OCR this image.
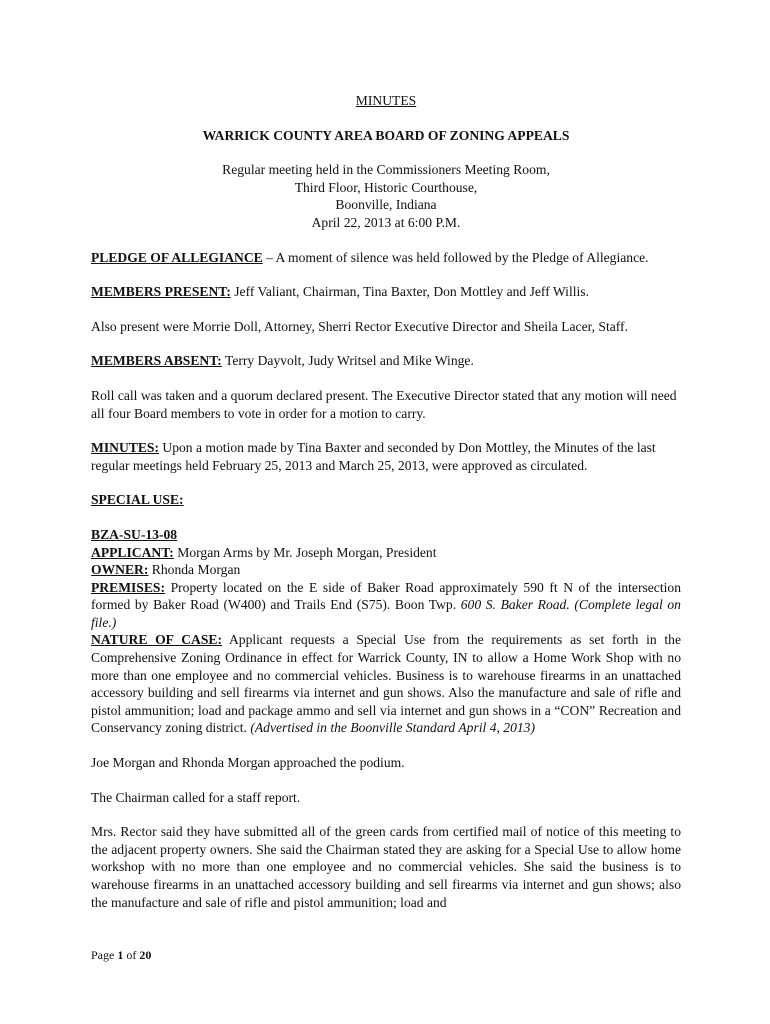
MINUTES

WARRICK COUNTY AREA BOARD OF ZONING APPEALS

Regular meeting held in the Commissioners Meeting Room,

Third Floor, Historic Courthouse,

Boonville, Indiana

April 22, 2013 at 6:00 P.M.

PLEDGE OF ALLEGIANCE – A moment of silence was held followed by the Pledge of Allegiance.

MEMBERS PRESENT: Jeff Valiant, Chairman, Tina Baxter, Don Mottley and Jeff Willis.

Also present were Morrie Doll, Attorney, Sherri Rector Executive Director and Sheila Lacer, Staff.

MEMBERS ABSENT: Terry Dayvolt, Judy Writsel and Mike Winge.

Roll call was taken and a quorum declared present. The Executive Director stated that any motion will need all four Board members to vote in order for a motion to carry.

MINUTES: Upon a motion made by Tina Baxter and seconded by Don Mottley, the Minutes of the last regular meetings held February 25, 2013 and March 25, 2013, were approved as circulated.

SPECIAL USE:

BZA-SU-13-08

APPLICANT: Morgan Arms by Mr. Joseph Morgan, President

OWNER: Rhonda Morgan

PREMISES: Property located on the E side of Baker Road approximately 590 ft N of the intersection formed by Baker Road (W400) and Trails End (S75). Boon Twp. 600 S. Baker Road. (Complete legal on file.)

NATURE OF CASE: Applicant requests a Special Use from the requirements as set forth in the Comprehensive Zoning Ordinance in effect for Warrick County, IN to allow a Home Work Shop with no more than one employee and no commercial vehicles. Business is to warehouse firearms in an unattached accessory building and sell firearms via internet and gun shows. Also the manufacture and sale of rifle and pistol ammunition; load and package ammo and sell via internet and gun shows in a “CON” Recreation and Conservancy zoning district. (Advertised in the Boonville Standard April 4, 2013)

Joe Morgan and Rhonda Morgan approached the podium.

The Chairman called for a staff report.

Mrs. Rector said they have submitted all of the green cards from certified mail of notice of this meeting to the adjacent property owners. She said the Chairman stated they are asking for a Special Use to allow home workshop with no more than one employee and no commercial vehicles. She said the business is to warehouse firearms in an unattached accessory building and sell firearms via internet and gun shows; also the manufacture and sale of rifle and pistol ammunition; load and

Page 1 of 20
